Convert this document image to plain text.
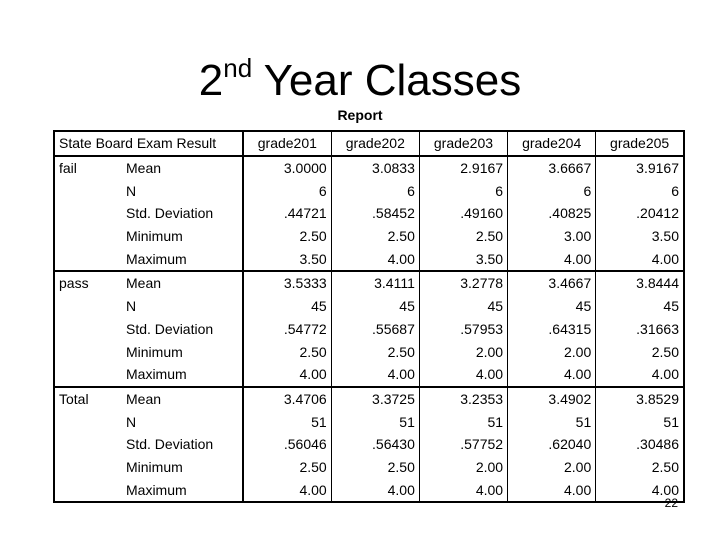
2nd Year Classes
Report
State Board Exam Result		grade201	grade202	grade203	grade204	grade205
fail	Mean	3.0000	3.0833	2.9167	3.6667	3.9167
	N	6	6	6	6	6
	Std. Deviation	.44721	.58452	.49160	.40825	.20412
	Minimum	2.50	2.50	2.50	3.00	3.50
	Maximum	3.50	4.00	3.50	4.00	4.00
pass	Mean	3.5333	3.4111	3.2778	3.4667	3.8444
	N	45	45	45	45	45
	Std. Deviation	.54772	.55687	.57953	.64315	.31663
	Minimum	2.50	2.50	2.00	2.00	2.50
	Maximum	4.00	4.00	4.00	4.00	4.00
Total	Mean	3.4706	3.3725	3.2353	3.4902	3.8529
	N	51	51	51	51	51
	Std. Deviation	.56046	.56430	.57752	.62040	.30486
	Minimum	2.50	2.50	2.00	2.00	2.50
	Maximum	4.00	4.00	4.00	4.00	4.00
22
